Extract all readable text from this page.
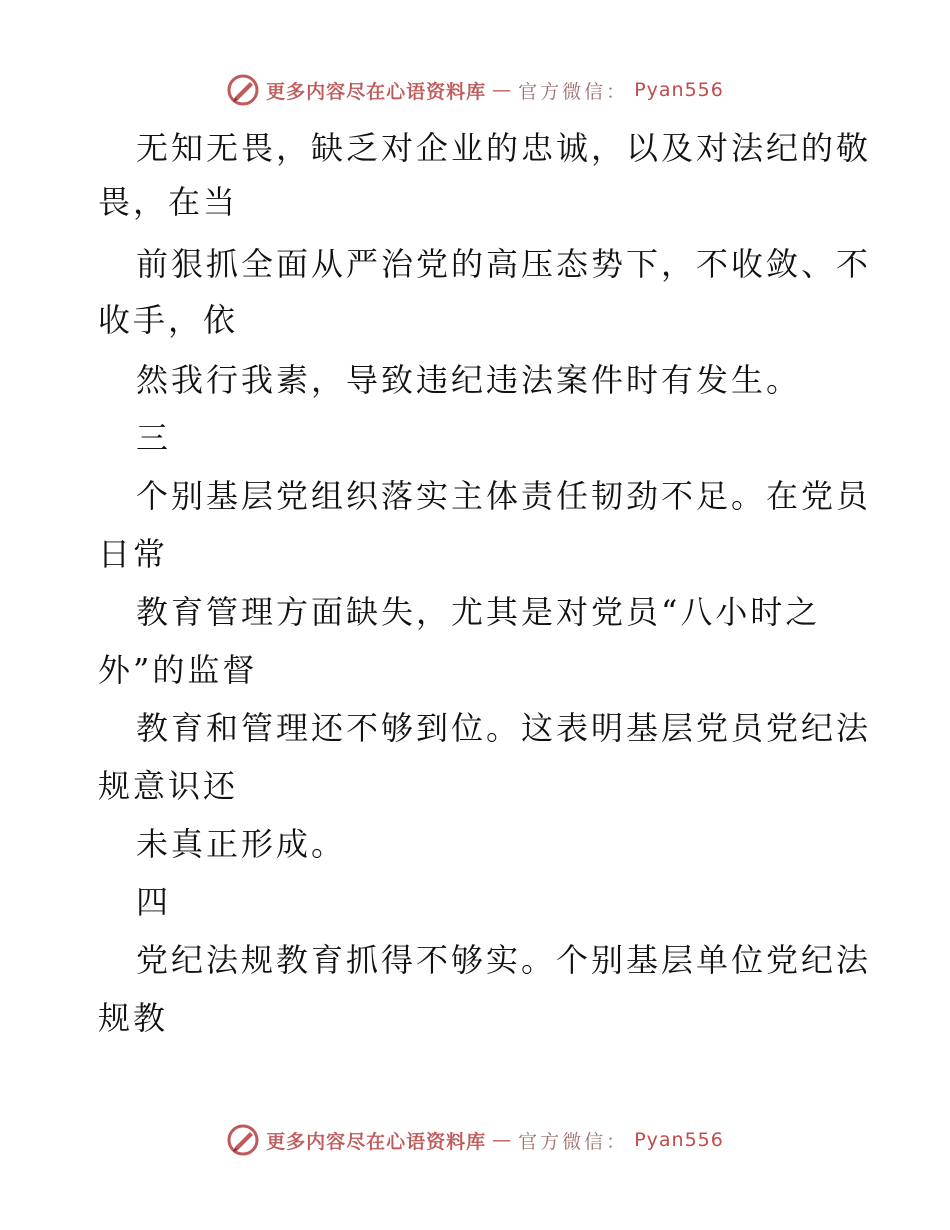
更多内容尽在心语资料库 — 官方微信： Pyan556
无知无畏，缺乏对企业的忠诚，以及对法纪的敬
畏，在当
前狠抓全面从严治党的高压态势下，不收敛、不
收手，依
然我行我素，导致违纪违法案件时有发生。
三
个别基层党组织落实主体责任韧劲不足。在党员
日常
教育管理方面缺失，尤其是对党员“八小时之
外”的监督
教育和管理还不够到位。这表明基层党员党纪法
规意识还
未真正形成。
四
党纪法规教育抓得不够实。个别基层单位党纪法
规教
更多内容尽在心语资料库 — 官方微信： Pyan556
